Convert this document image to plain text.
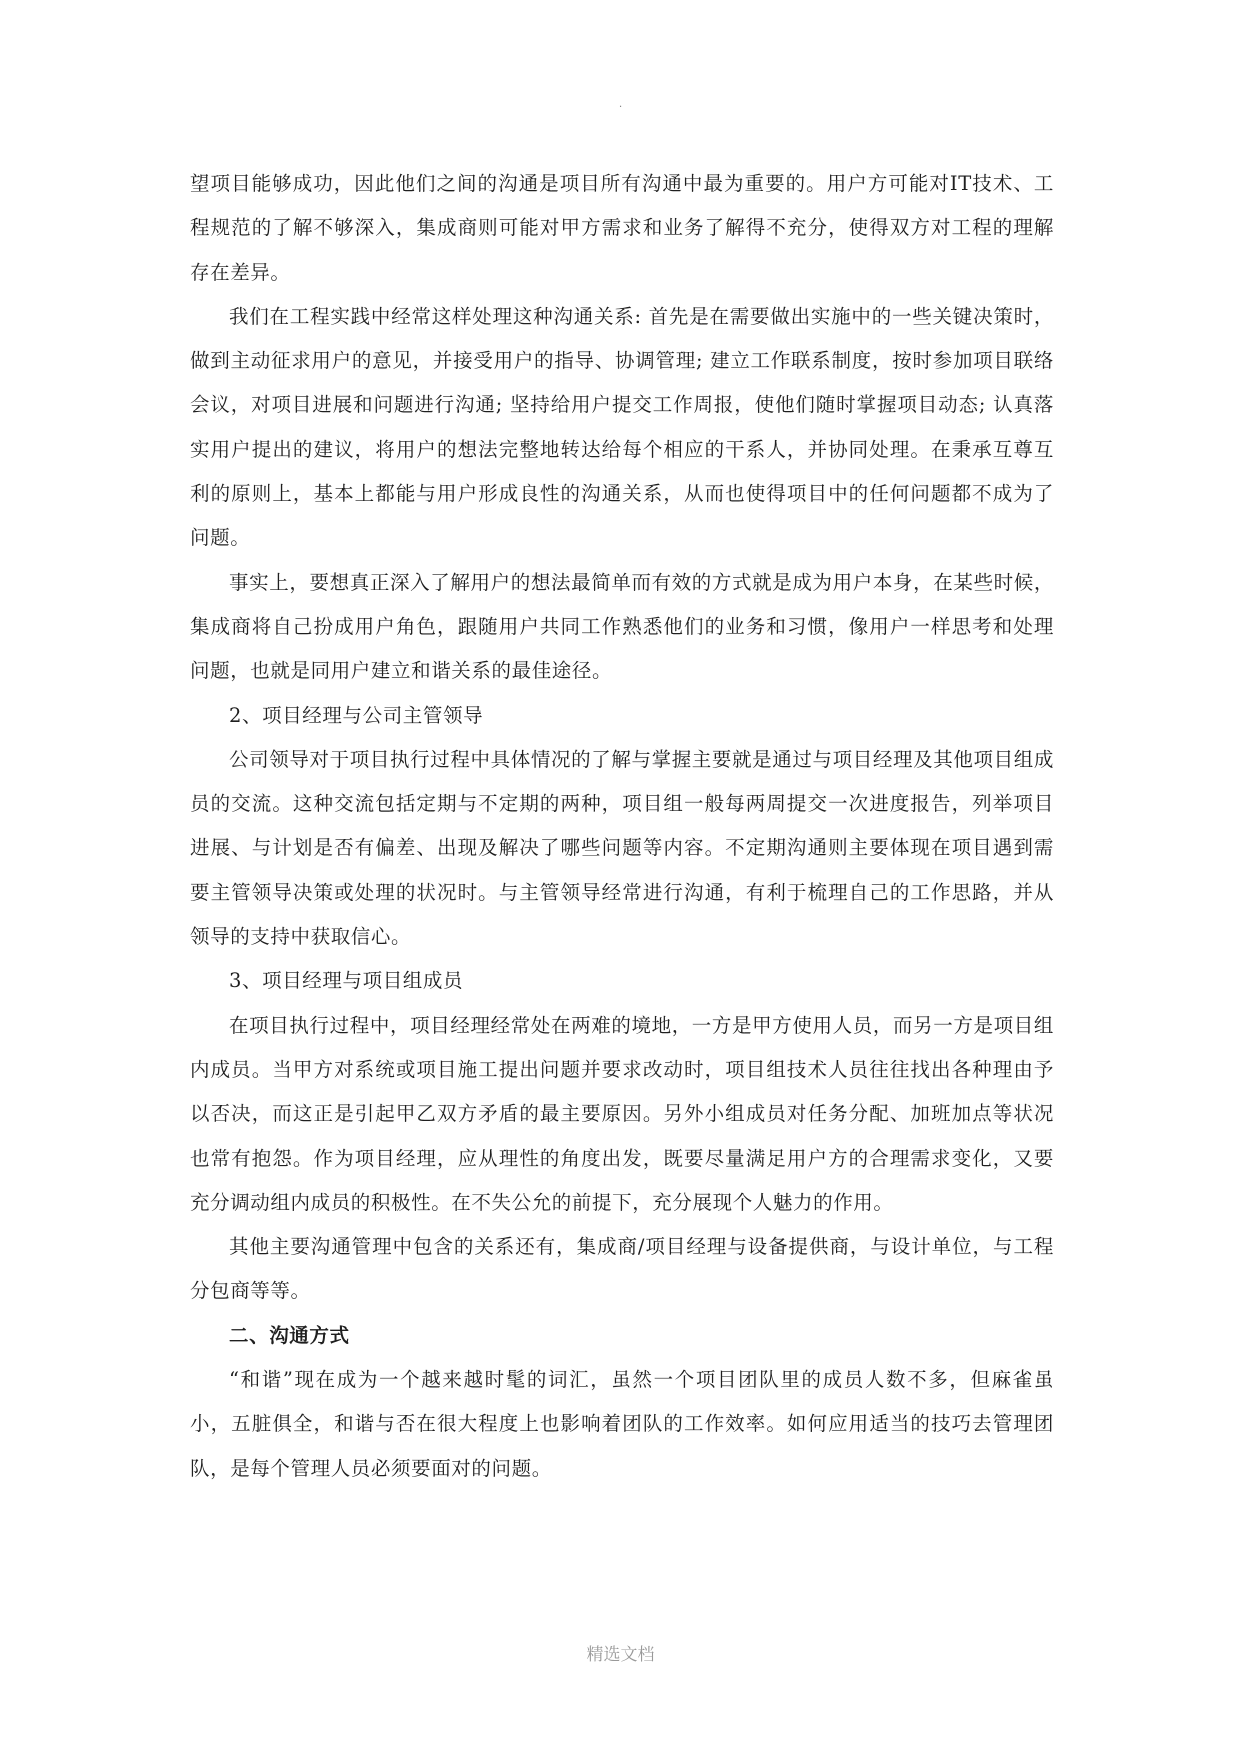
.

望项目能够成功，因此他们之间的沟通是项目所有沟通中最为重要的。用户方可能对IT技术、工程规范的了解不够深入，集成商则可能对甲方需求和业务了解得不充分，使得双方对工程的理解存在差异。

我们在工程实践中经常这样处理这种沟通关系: 首先是在需要做出实施中的一些关键决策时，做到主动征求用户的意见，并接受用户的指导、协调管理; 建立工作联系制度，按时参加项目联络会议，对项目进展和问题进行沟通; 坚持给用户提交工作周报，使他们随时掌握项目动态; 认真落实用户提出的建议，将用户的想法完整地转达给每个相应的干系人，并协同处理。在秉承互尊互利的原则上，基本上都能与用户形成良性的沟通关系，从而也使得项目中的任何问题都不成为了问题。

事实上，要想真正深入了解用户的想法最简单而有效的方式就是成为用户本身，在某些时候，集成商将自己扮成用户角色，跟随用户共同工作熟悉他们的业务和习惯，像用户一样思考和处理问题，也就是同用户建立和谐关系的最佳途径。

2、项目经理与公司主管领导

公司领导对于项目执行过程中具体情况的了解与掌握主要就是通过与项目经理及其他项目组成员的交流。这种交流包括定期与不定期的两种，项目组一般每两周提交一次进度报告，列举项目进展、与计划是否有偏差、出现及解决了哪些问题等内容。不定期沟通则主要体现在项目遇到需要主管领导决策或处理的状况时。与主管领导经常进行沟通，有利于梳理自己的工作思路，并从领导的支持中获取信心。

3、项目经理与项目组成员

在项目执行过程中，项目经理经常处在两难的境地，一方是甲方使用人员，而另一方是项目组内成员。当甲方对系统或项目施工提出问题并要求改动时，项目组技术人员往往找出各种理由予以否决，而这正是引起甲乙双方矛盾的最主要原因。另外小组成员对任务分配、加班加点等状况也常有抱怨。作为项目经理，应从理性的角度出发，既要尽量满足用户方的合理需求变化，又要充分调动组内成员的积极性。在不失公允的前提下，充分展现个人魅力的作用。

其他主要沟通管理中包含的关系还有，集成商/项目经理与设备提供商，与设计单位，与工程分包商等等。

二、沟通方式

“和谐”现在成为一个越来越时髦的词汇，虽然一个项目团队里的成员人数不多，但麻雀虽小，五脏俱全，和谐与否在很大程度上也影响着团队的工作效率。如何应用适当的技巧去管理团队，是每个管理人员必须要面对的问题。

精选文档
